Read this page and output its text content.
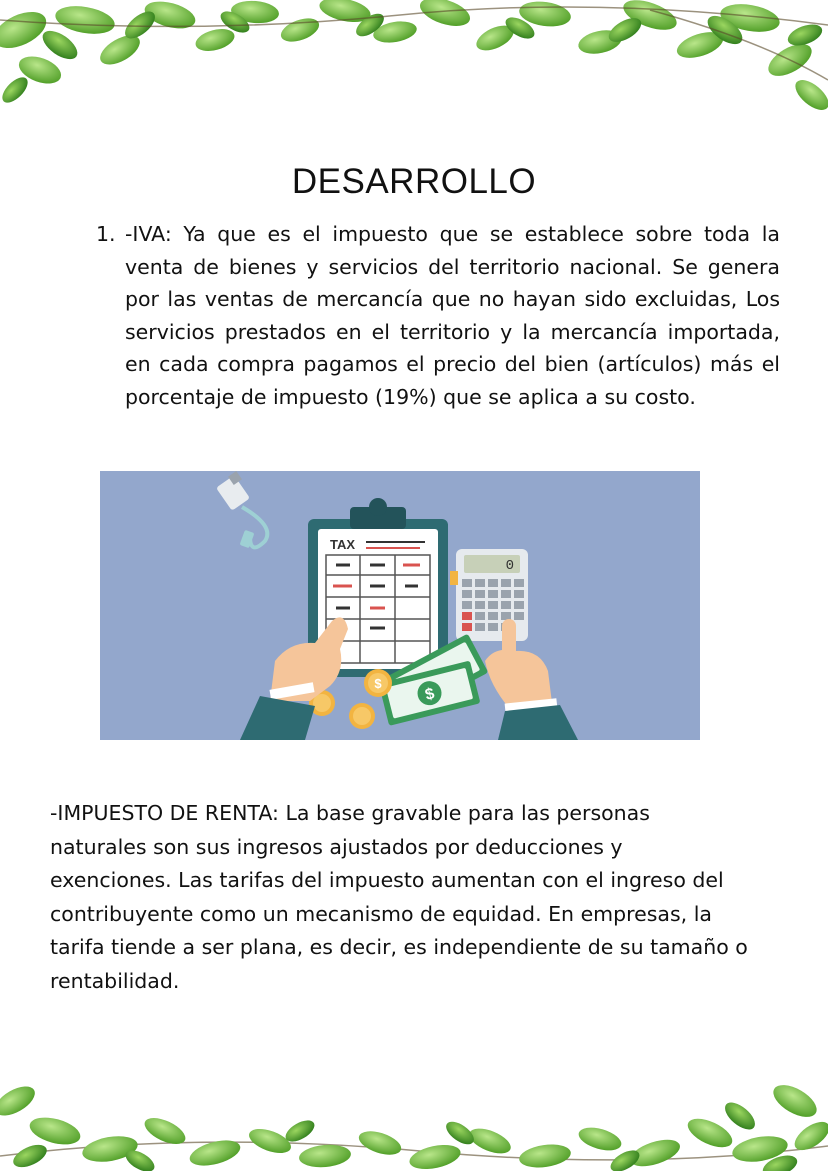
DESARROLLO
1. -IVA: Ya que es el impuesto que se establece sobre toda la venta de bienes y servicios del territorio nacional. Se genera por las ventas de mercancía que no hayan sido excluidas, Los servicios prestados en el territorio y la mercancía importada, en cada compra pagamos el precio del bien (artículos) más el porcentaje de impuesto (19%) que se aplica a su costo.
TAX
0
$
$

-IMPUESTO DE RENTA: La base gravable para las personas naturales son sus ingresos ajustados por deducciones y exenciones. Las tarifas del impuesto aumentan con el ingreso del contribuyente como un mecanismo de equidad. En empresas, la tarifa tiende a ser plana, es decir, es independiente de su tamaño o rentabilidad.
